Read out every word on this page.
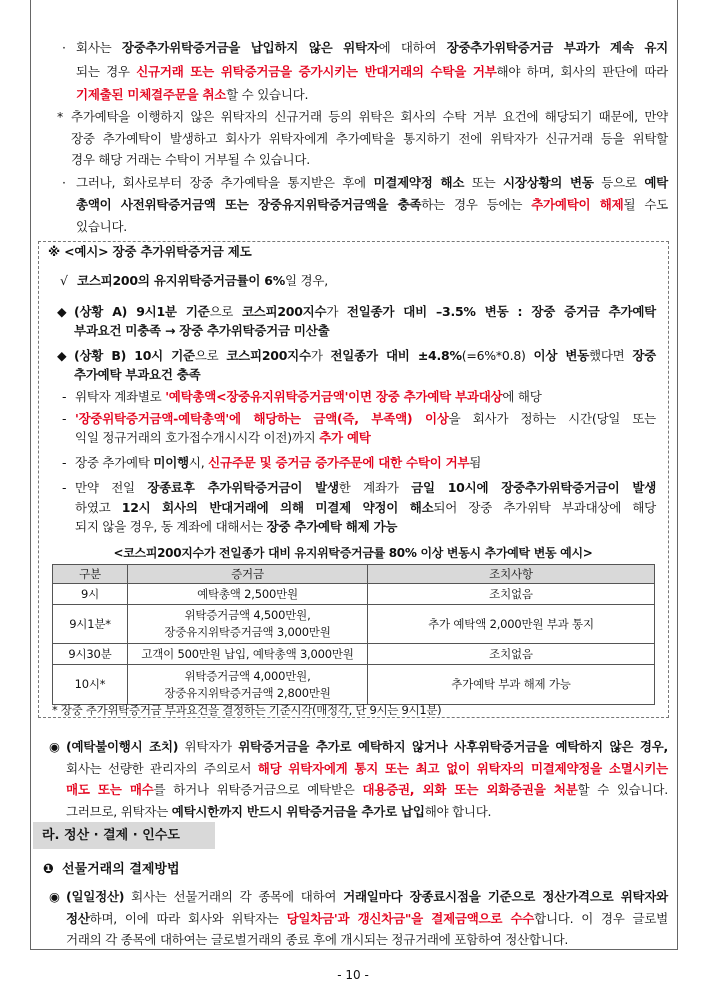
· 회사는 장중추가위탁증거금을 납입하지 않은 위탁자에 대하여 장중추가위탁증거금 부과가 계속 유지
되는 경우 신규거래 또는 위탁증거금을 증가시키는 반대거래의 수탁을 거부해야 하며, 회사의 판단에 따라
기제출된 미체결주문을 취소할 수 있습니다.
* 추가예탁을 이행하지 않은 위탁자의 신규거래 등의 위탁은 회사의 수탁 거부 요건에 해당되기 때문에, 만약
장중 추가예탁이 발생하고 회사가 위탁자에게 추가예탁을 통지하기 전에 위탁자가 신규거래 등을 위탁할
경우 해당 거래는 수탁이 거부될 수 있습니다.
· 그러나, 회사로부터 장중 추가예탁을 통지받은 후에 미결제약정 해소 또는 시장상황의 변동 등으로 예탁
총액이 사전위탁증거금액 또는 장중유지위탁증거금액을 충족하는 경우 등에는 추가예탁이 해제될 수도
있습니다.
※ <예시> 장중 추가위탁증거금 제도
√ 코스피200의 유지위탁증거금률이 6%일 경우,
◆ (상황 A) 9시1분 기준으로 코스피200지수가 전일종가 대비 –3.5% 변동 : 장중 증거금 추가예탁
부과요건 미충족 → 장중 추가위탁증거금 미산출
◆ (상황 B) 10시 기준으로 코스피200지수가 전일종가 대비 ±4.8%(=6%*0.8) 이상 변동했다면 장중
추가예탁 부과요건 충족
- 위탁자 계좌별로 '예탁총액<장중유지위탁증거금액'이면 장중 추가예탁 부과대상에 해당
- '장중위탁증거금액-예탁총액'에 해당하는 금액(즉, 부족액) 이상을 회사가 정하는 시간(당일 또는
익일 정규거래의 호가접수개시시각 이전)까지 추가 예탁
- 장중 추가예탁 미이행시, 신규주문 및 증거금 증가주문에 대한 수탁이 거부됨
- 만약 전일 장종료후 추가위탁증거금이 발생한 계좌가 금일 10시에 장중추가위탁증거금이 발생
하였고 12시 회사의 반대거래에 의해 미결제 약정이 해소되어 장중 추가위탁 부과대상에 해당
되지 않을 경우, 동 계좌에 대해서는 장중 추가예탁 해제 가능
<코스피200지수가 전일종가 대비 유지위탁증거금률 80% 이상 변동시 추가예탁 변동 예시>
구분	증거금	조치사항

9시	예탁총액 2,500만원	조치없음

9시1분*	위탁증거금액 4,500만원,
장중유지위탁증거금액 3,000만원	추가 예탁액 2,000만원 부과 통지

9시30분	고객이 500만원 납입, 예탁총액 3,000만원	조치없음

10시*	위탁증거금액 4,000만원,
장중유지위탁증거금액 2,800만원	추가예탁 부과 해제 가능
* 장중 추가위탁증거금 부과요건을 결정하는 기준시각(매정각, 단 9시는 9시1분)
◉ (예탁불이행시 조치) 위탁자가 위탁증거금을 추가로 예탁하지 않거나 사후위탁증거금을 예탁하지 않은 경우,
회사는 선량한 관리자의 주의로서 해당 위탁자에게 통지 또는 최고 없이 위탁자의 미결제약정을 소멸시키는
매도 또는 매수를 하거나 위탁증거금으로 예탁받은 대용증권, 외화 또는 외화증권을 처분할 수 있습니다.
그러므로, 위탁자는 예탁시한까지 반드시 위탁증거금을 추가로 납입해야 합니다.
라. 정산 · 결제 · 인수도
❶ 선물거래의 결제방법
◉ (일일정산) 회사는 선물거래의 각 종목에 대하여 거래일마다 장종료시점을 기준으로 정산가격으로 위탁자와
정산하며, 이에 따라 회사와 위탁자는 당일차금'과 갱신차금"을 결제금액으로 수수합니다. 이 경우 글로벌
거래의 각 종목에 대하여는 글로벌거래의 종료 후에 개시되는 정규거래에 포함하여 정산합니다.
- 10 -
